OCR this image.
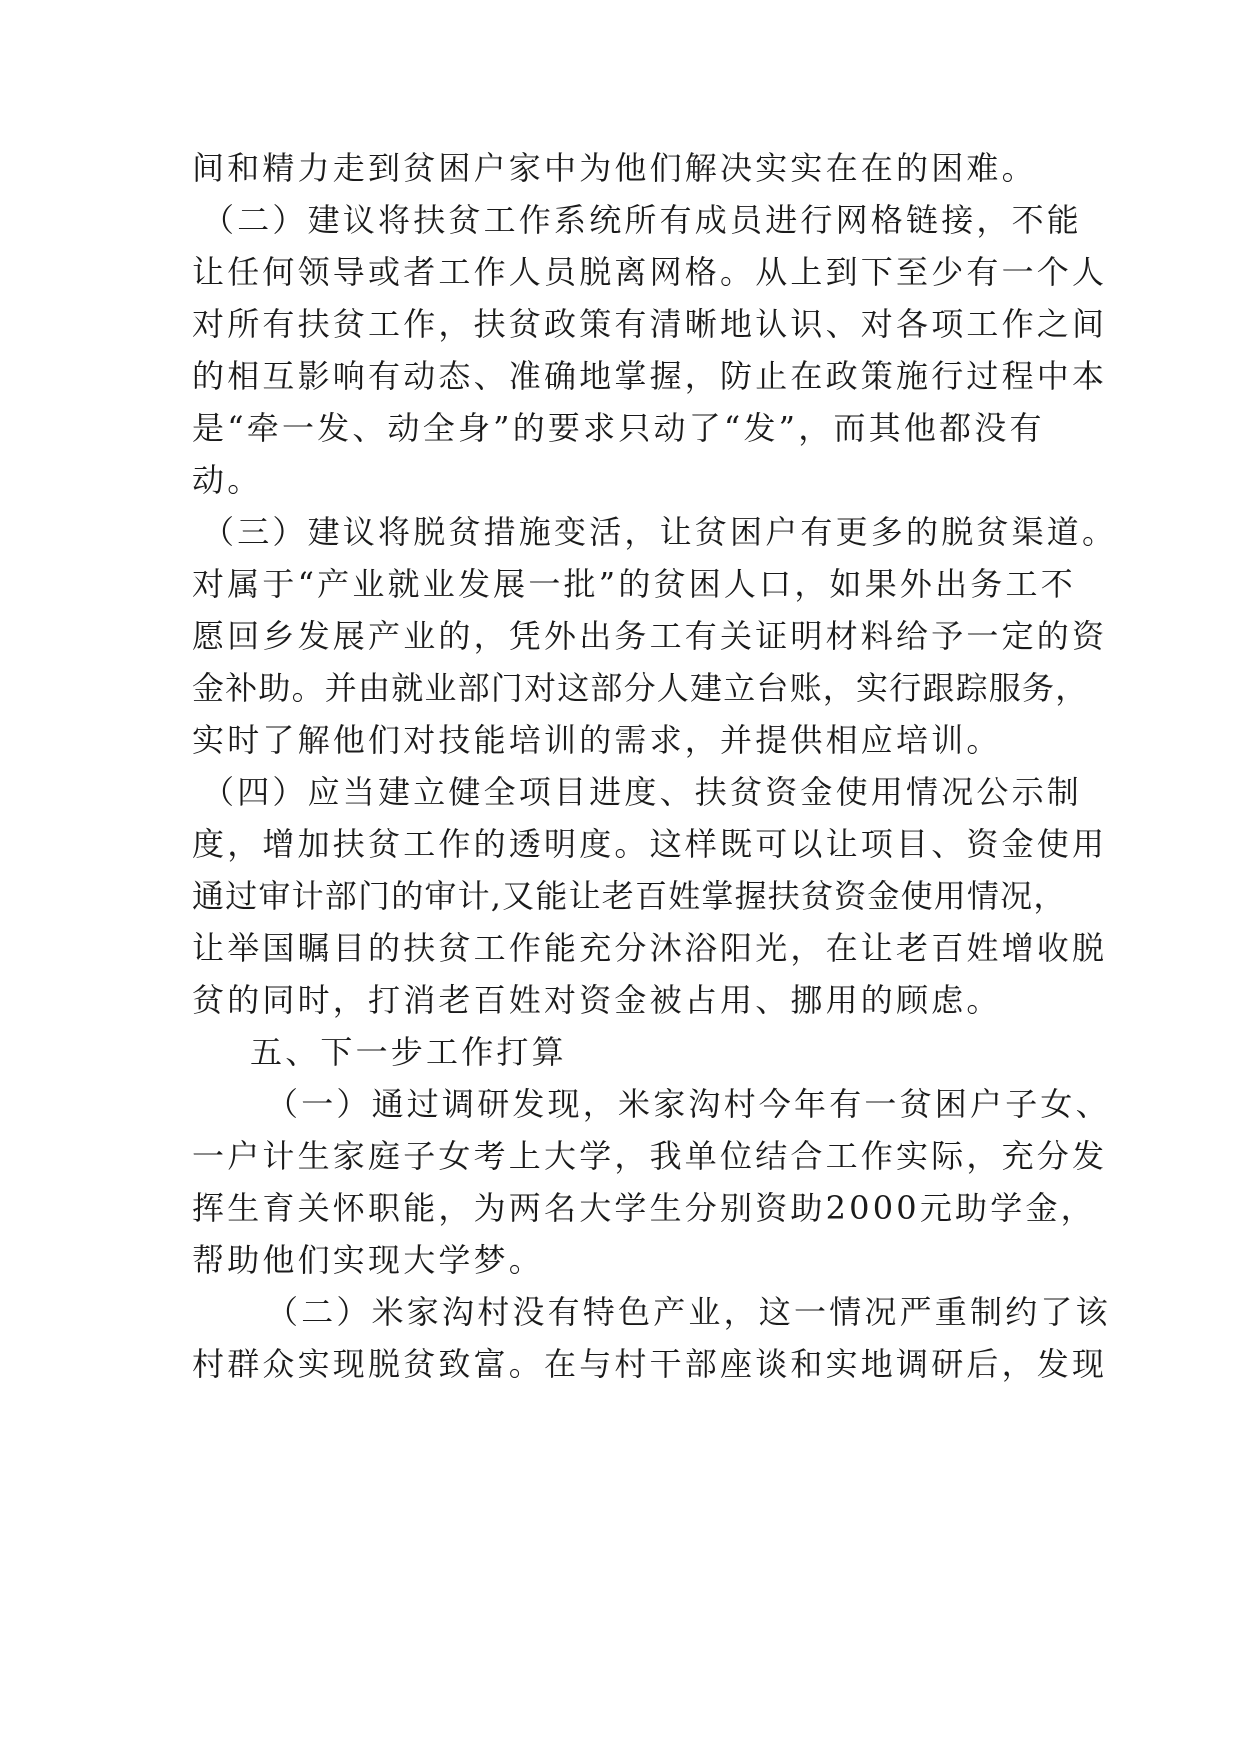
间和精力走到贫困户家中为他们解决实实在在的困难。

（二）建议将扶贫工作系统所有成员进行网格链接，不能

让任何领导或者工作人员脱离网格。从上到下至少有一个人

对所有扶贫工作，扶贫政策有清晰地认识、对各项工作之间

的相互影响有动态、准确地掌握，防止在政策施行过程中本

是“牵一发、动全身”的要求只动了“发”，而其他都没有

动。

（三）建议将脱贫措施变活，让贫困户有更多的脱贫渠道。

对属于“产业就业发展一批”的贫困人口，如果外出务工不

愿回乡发展产业的，凭外出务工有关证明材料给予一定的资

金补助。并由就业部门对这部分人建立台账，实行跟踪服务，

实时了解他们对技能培训的需求，并提供相应培训。

（四）应当建立健全项目进度、扶贫资金使用情况公示制

度，增加扶贫工作的透明度。这样既可以让项目、资金使用

通过审计部门的审计,又能让老百姓掌握扶贫资金使用情况，

让举国瞩目的扶贫工作能充分沐浴阳光，在让老百姓增收脱

贫的同时，打消老百姓对资金被占用、挪用的顾虑。

五、下一步工作打算

（一）通过调研发现，米家沟村今年有一贫困户子女、

一户计生家庭子女考上大学，我单位结合工作实际，充分发

挥生育关怀职能，为两名大学生分别资助2000元助学金，

帮助他们实现大学梦。

（二）米家沟村没有特色产业，这一情况严重制约了该

村群众实现脱贫致富。在与村干部座谈和实地调研后，发现
